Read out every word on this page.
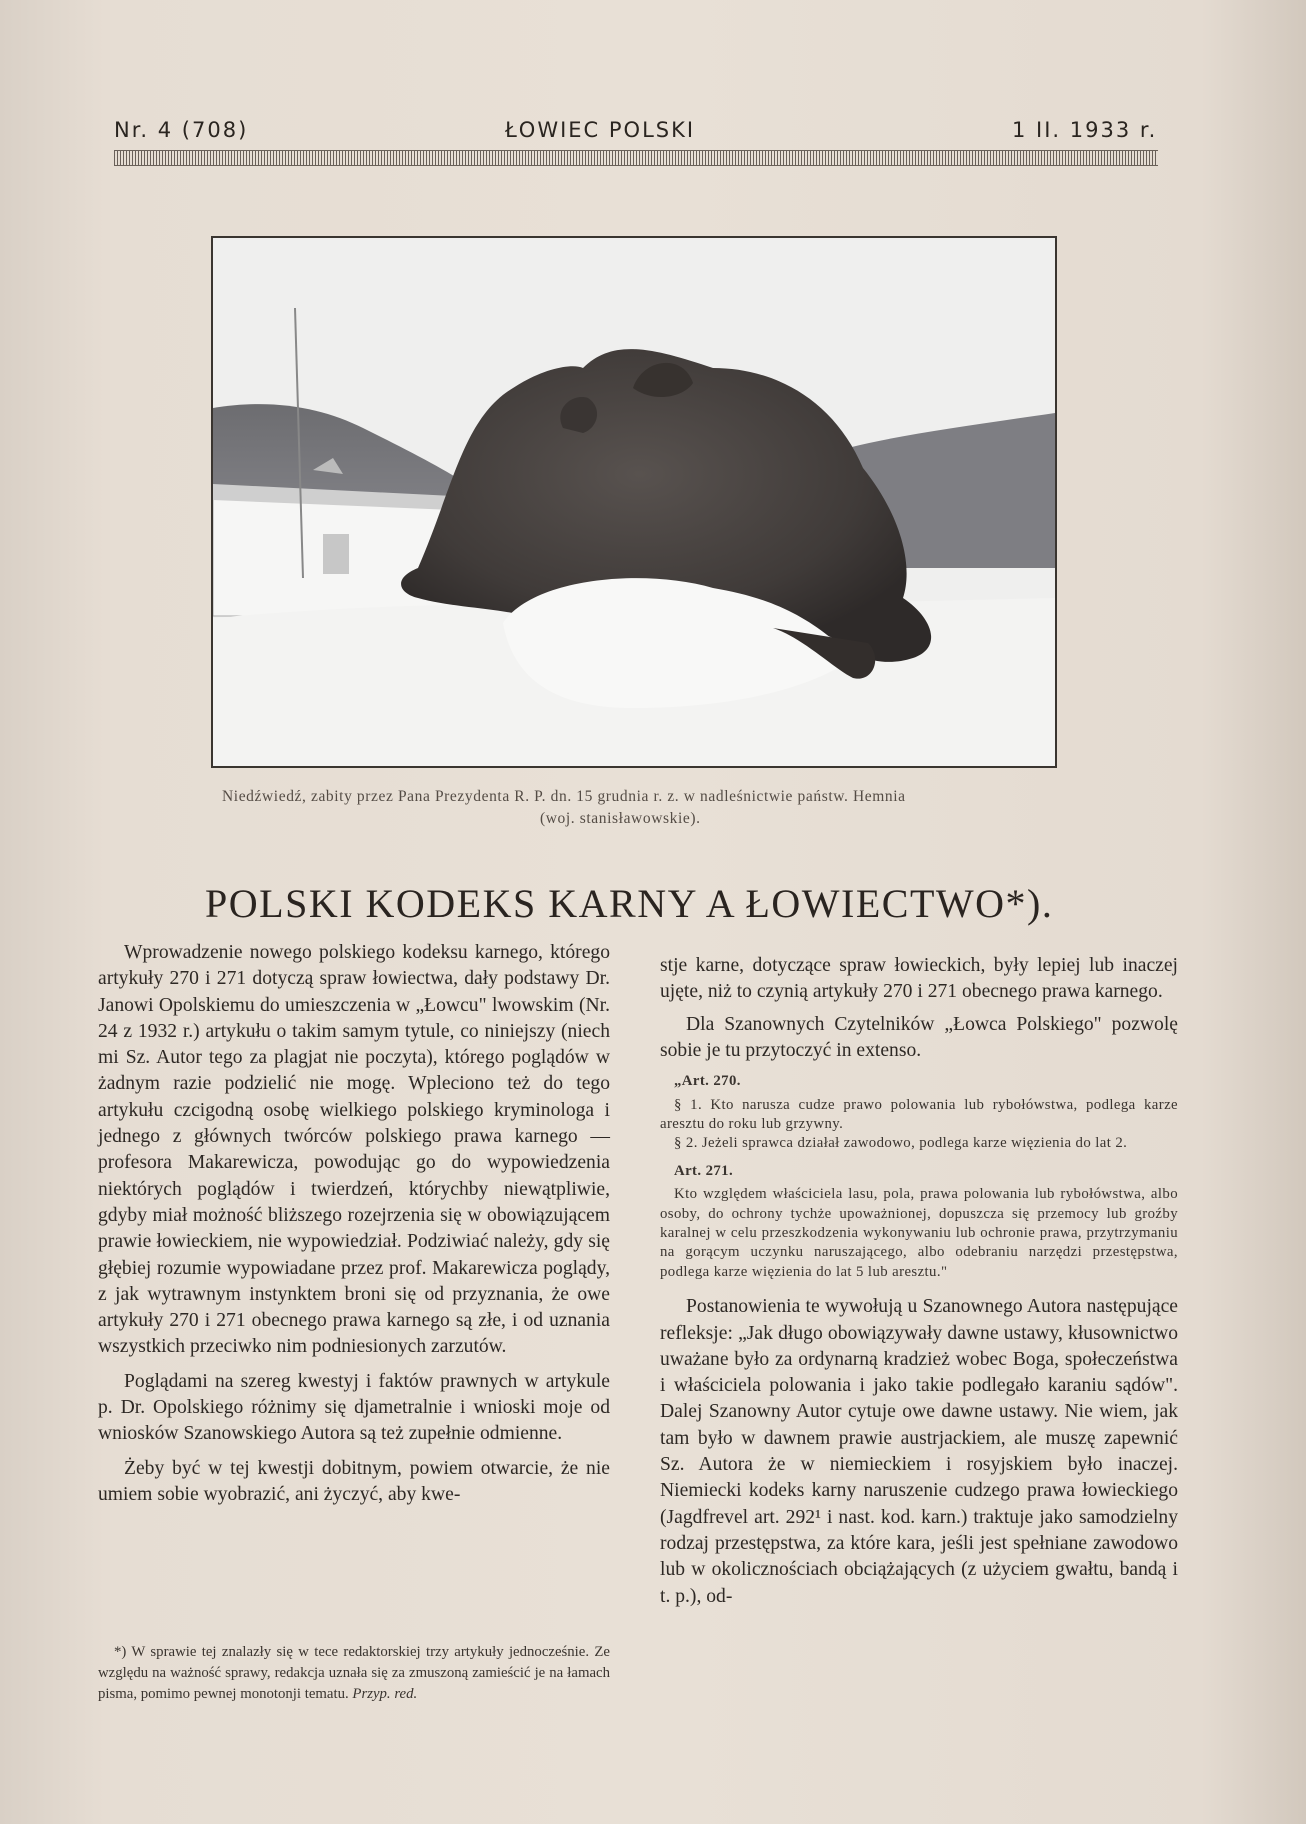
Nr. 4 (708)	ŁOWIEC POLSKI	1 II. 1933 r.
Niedźwiedź, zabity przez Pana Prezydenta R. P. dn. 15 grudnia r. z. w nadleśnictwie państw. Hemnia
(woj. stanisławowskie).
POLSKI KODEKS KARNY A ŁOWIECTWO*).

Wprowadzenie nowego polskiego kodeksu karnego, którego artykuły 270 i 271 dotyczą spraw łowiectwa, dały podstawy Dr. Janowi Opolskiemu do umieszczenia w „Łowcu" lwowskim (Nr. 24 z 1932 r.) artykułu o takim samym tytule, co niniejszy (niech mi Sz. Autor tego za plagjat nie poczyta), którego poglądów w żadnym razie podzielić nie mogę. Wpleciono też do tego artykułu czcigodną osobę wielkiego polskiego kryminologa i jednego z głównych twórców polskiego prawa karnego — profesora Makarewicza, powodując go do wypowiedzenia niektórych poglądów i twierdzeń, którychby niewątpliwie, gdyby miał możność bliższego rozejrzenia się w obowiązującem prawie łowieckiem, nie wypowiedział. Podziwiać należy, gdy się głębiej rozumie wypowiadane przez prof. Makarewicza poglądy, z jak wytrawnym instynktem broni się od przyznania, że owe artykuły 270 i 271 obecnego prawa karnego są złe, i od uznania wszystkich przeciwko nim podniesionych zarzutów.

Poglądami na szereg kwestyj i faktów prawnych w artykule p. Dr. Opolskiego różnimy się djametralnie i wnioski moje od wniosków Szanowskiego Autora są też zupełnie odmienne.

Żeby być w tej kwestji dobitnym, powiem otwarcie, że nie umiem sobie wyobrazić, ani życzyć, aby kwe-

stje karne, dotyczące spraw łowieckich, były lepiej lub inaczej ujęte, niż to czynią artykuły 270 i 271 obecnego prawa karnego.

Dla Szanownych Czytelników „Łowca Polskiego" pozwolę sobie je tu przytoczyć in extenso.

„Art. 270.

§ 1. Kto narusza cudze prawo polowania lub rybołówstwa, podlega karze aresztu do roku lub grzywny.

§ 2. Jeżeli sprawca działał zawodowo, podlega karze więzienia do lat 2.

Art. 271.

Kto względem właściciela lasu, pola, prawa polowania lub rybołówstwa, albo osoby, do ochrony tychże upoważnionej, dopuszcza się przemocy lub groźby karalnej w celu przeszkodzenia wykonywaniu lub ochronie prawa, przytrzymaniu na gorącym uczynku naruszającego, albo odebraniu narzędzi przestępstwa, podlega karze więzienia do lat 5 lub aresztu."

Postanowienia te wywołują u Szanownego Autora następujące refleksje: „Jak długo obowiązywały dawne ustawy, kłusownictwo uważane było za ordynarną kradzież wobec Boga, społeczeństwa i właściciela polowania i jako takie podlegało karaniu sądów". Dalej Szanowny Autor cytuje owe dawne ustawy. Nie wiem, jak tam było w dawnem prawie austrjackiem, ale muszę zapewnić Sz. Autora że w niemieckiem i rosyjskiem było inaczej. Niemiecki kodeks karny naruszenie cudzego prawa łowieckiego (Jagdfrevel art. 292¹ i nast. kod. karn.) traktuje jako samodzielny rodzaj przestępstwa, za które kara, jeśli jest spełniane zawodowo lub w okolicznościach obciążających (z użyciem gwałtu, bandą i t. p.), od-

*) W sprawie tej znalazły się w tece redaktorskiej trzy artykuły jednocześnie. Ze względu na ważność sprawy, redakcja uznała się za zmuszoną zamieścić je na łamach pisma, pomimo pewnej monotonji tematu. Przyp. red.
